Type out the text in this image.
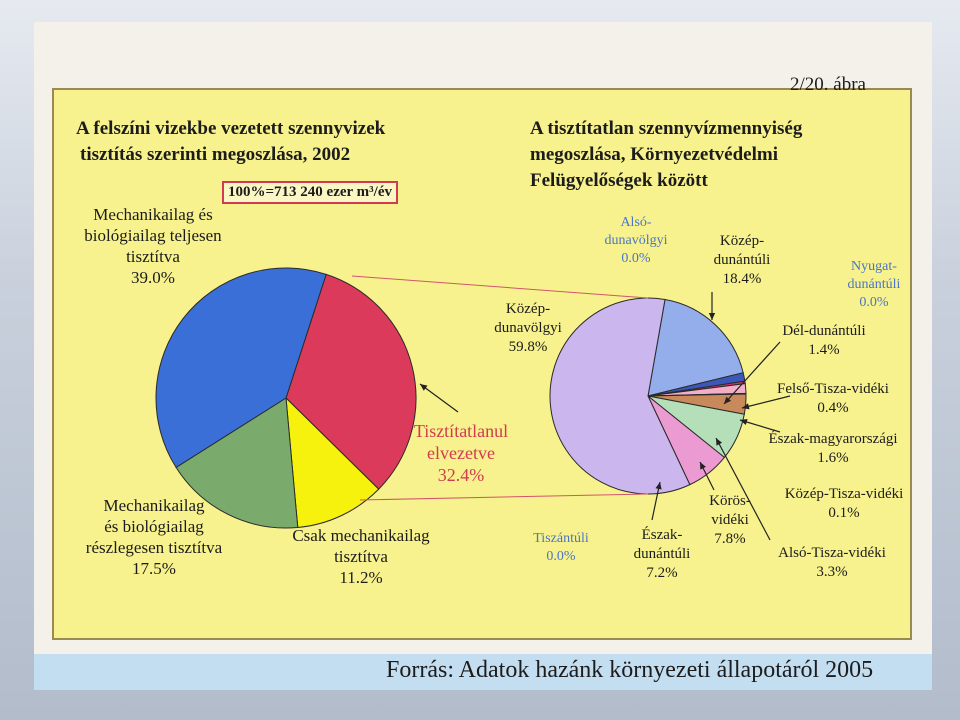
2/20. ábra
A felszíni vizekbe vezetett szennyvizek
tisztítás szerinti megoszlása, 2002
100%=713 240 ezer m³/év
A tisztítatlan szennyvízmennyiség
megoszlása, Környezetvédelmi
Felügyelőségek között
Mechanikailag és
biológiailag teljesen
tisztítva
39.0%
Tisztítatlanul
elvezetve
32.4%
Csak mechanikailag
tisztítva
11.2%
Mechanikailag
és biológiailag
részlegesen tisztítva
17.5%
Közép-
dunavölgyi
59.8%
Alsó-
dunavölgyi
0.0%
Közép-
dunántúli
18.4%
Nyugat-
dunántúli
0.0%
Dél-dunántúli
1.4%
Felső-Tisza-vidéki
0.4%
Észak-magyarországi
1.6%
Közép-Tisza-vidéki
0.1%
Alsó-Tisza-vidéki
3.3%
Körös-
vidéki
7.8%
Tiszántúli
0.0%
Észak-
dunántúli
7.2%
Forrás: Adatok hazánk környezeti állapotáról 2005
